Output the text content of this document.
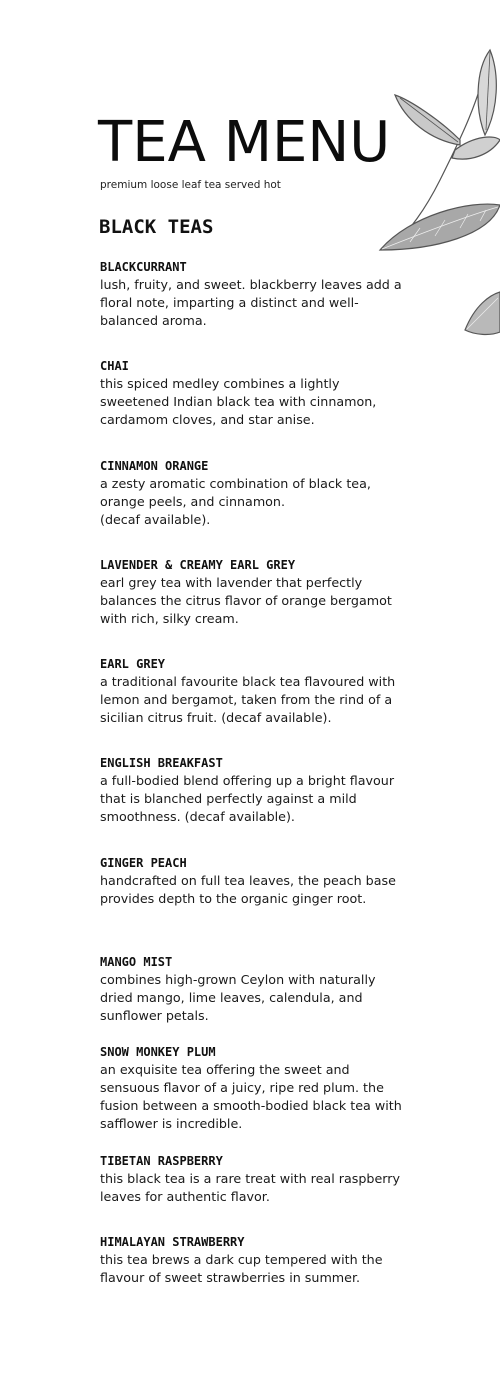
TEA MENU

premium loose leaf tea served hot

BLACK TEAS
BLACKCURRANT
lush, fruity, and sweet. blackberry leaves add a floral note, imparting a distinct and well-balanced aroma.
CHAI
this spiced medley combines a lightly sweetened Indian black tea with cinnamon, cardamom cloves, and star anise.
CINNAMON ORANGE
a zesty aromatic combination of black tea, orange peels, and cinnamon.
(decaf available).
LAVENDER & CREAMY EARL GREY
earl grey tea with lavender that perfectly balances the citrus flavor of orange bergamot with rich, silky cream.
EARL GREY
a traditional favourite black tea flavoured with lemon and bergamot, taken from the rind of a sicilian citrus fruit. (decaf available).
ENGLISH BREAKFAST
a full-bodied blend offering up a bright flavour that is blanched perfectly against a mild smoothness. (decaf available).
GINGER PEACH
handcrafted on full tea leaves, the peach base provides depth to the organic ginger root.
MANGO MIST
combines high-grown Ceylon with naturally dried mango, lime leaves, calendula, and sunflower petals.
SNOW MONKEY PLUM
an exquisite tea offering the sweet and sensuous flavor of a juicy, ripe red plum. the fusion between a smooth-bodied black tea with safflower is incredible.
TIBETAN RASPBERRY
this black tea is a rare treat with real raspberry leaves for authentic flavor.
HIMALAYAN STRAWBERRY
this tea brews a dark cup tempered with the flavour of sweet strawberries in summer.
